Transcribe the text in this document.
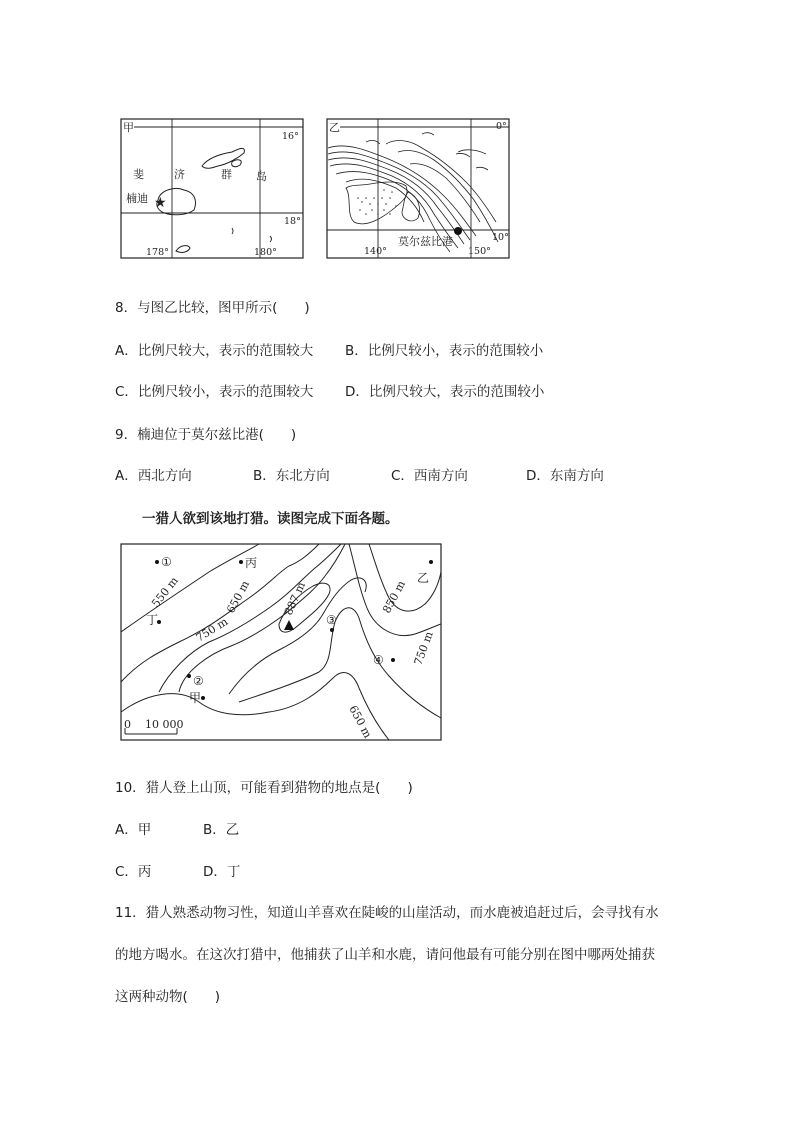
甲
16°
18°
178°	180°
斐	济	群 岛
楠迪 ★
乙	0°
10°
140°	150°
莫尔兹比港
8．与图乙比较，图甲所示(　　)
A．比例尺较大，表示的范围较大 B．比例尺较小，表示的范围较小
C．比例尺较小，表示的范围较大 D．比例尺较大，表示的范围较小
9．楠迪位于莫尔兹比港(　　)
A．西北方向	B．东北方向	C．西南方向	D．东南方向
一猎人欲到该地打猎。读图完成下面各题。
①	丙
乙
丁	③
④
②
甲
550 m	650 m	887 m	850 m
750 m	750 m
650 m
0 10 000
10．猎人登上山顶，可能看到猎物的地点是(　　)
A．甲	B．乙
C．丙	D．丁
11．猎人熟悉动物习性，知道山羊喜欢在陡峻的山崖活动，而水鹿被追赶过后，会寻找有水
的地方喝水。在这次打猎中，他捕获了山羊和水鹿，请问他最有可能分别在图中哪两处捕获
这两种动物(　　)
